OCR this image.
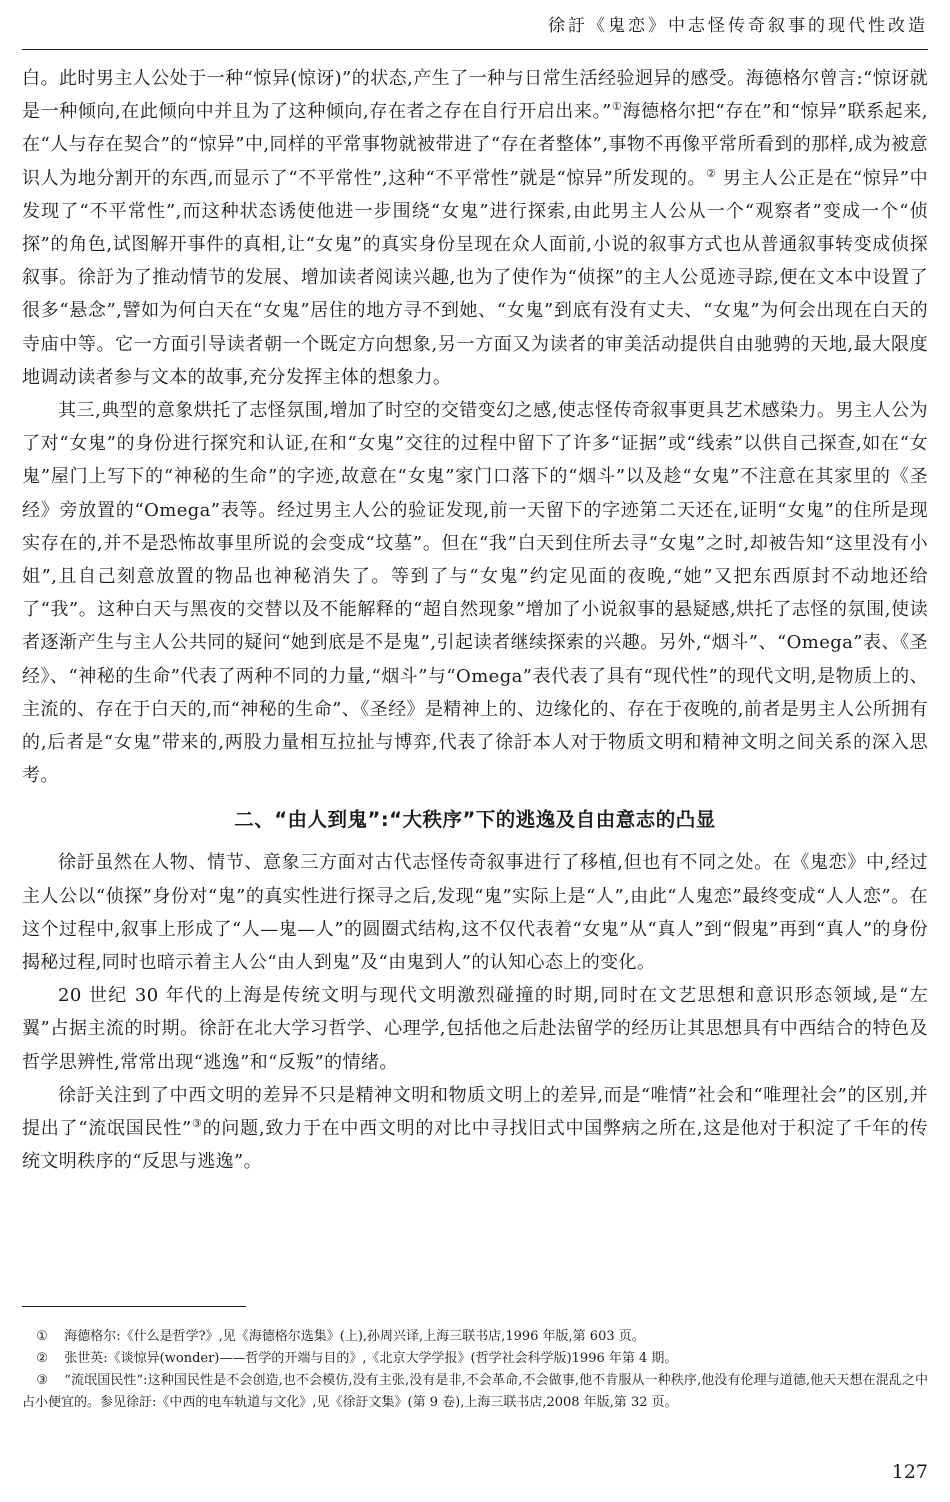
徐訏《鬼恋》中志怪传奇叙事的现代性改造

白。此时男主人公处于一种“惊异(惊讶)”的状态,产生了一种与日常生活经验迥异的感受。海德格尔曾言:“惊讶就是一种倾向,在此倾向中并且为了这种倾向,存在者之存在自行开启出来。”①海德格尔把“存在”和“惊异”联系起来,在“人与存在契合”的“惊异”中,同样的平常事物就被带进了“存在者整体”,事物不再像平常所看到的那样,成为被意识人为地分割开的东西,而显示了“不平常性”,这种“不平常性”就是“惊异”所发现的。② 男主人公正是在“惊异”中发现了“不平常性”,而这种状态诱使他进一步围绕“女鬼”进行探索,由此男主人公从一个“观察者”变成一个“侦探”的角色,试图解开事件的真相,让“女鬼”的真实身份呈现在众人面前,小说的叙事方式也从普通叙事转变成侦探叙事。徐訏为了推动情节的发展、增加读者阅读兴趣,也为了使作为“侦探”的主人公觅迹寻踪,便在文本中设置了很多“悬念”,譬如为何白天在“女鬼”居住的地方寻不到她、“女鬼”到底有没有丈夫、“女鬼”为何会出现在白天的寺庙中等。它一方面引导读者朝一个既定方向想象,另一方面又为读者的审美活动提供自由驰骋的天地,最大限度地调动读者参与文本的故事,充分发挥主体的想象力。

其三,典型的意象烘托了志怪氛围,增加了时空的交错变幻之感,使志怪传奇叙事更具艺术感染力。男主人公为了对“女鬼”的身份进行探究和认证,在和“女鬼”交往的过程中留下了许多“证据”或“线索”以供自己探查,如在“女鬼”屋门上写下的“神秘的生命”的字迹,故意在“女鬼”家门口落下的“烟斗”以及趁“女鬼”不注意在其家里的《圣经》旁放置的“Omega”表等。经过男主人公的验证发现,前一天留下的字迹第二天还在,证明“女鬼”的住所是现实存在的,并不是恐怖故事里所说的会变成“坟墓”。但在“我”白天到住所去寻“女鬼”之时,却被告知“这里没有小姐”,且自己刻意放置的物品也神秘消失了。等到了与“女鬼”约定见面的夜晚,“她”又把东西原封不动地还给了“我”。这种白天与黑夜的交替以及不能解释的“超自然现象”增加了小说叙事的悬疑感,烘托了志怪的氛围,使读者逐渐产生与主人公共同的疑问“她到底是不是鬼”,引起读者继续探索的兴趣。另外,“烟斗”、“Omega”表、《圣经》、“神秘的生命”代表了两种不同的力量,“烟斗”与“Omega”表代表了具有“现代性”的现代文明,是物质上的、主流的、存在于白天的,而“神秘的生命”、《圣经》是精神上的、边缘化的、存在于夜晚的,前者是男主人公所拥有的,后者是“女鬼”带来的,两股力量相互拉扯与博弈,代表了徐訏本人对于物质文明和精神文明之间关系的深入思考。

二、“由人到鬼”:“大秩序”下的逃逸及自由意志的凸显

徐訏虽然在人物、情节、意象三方面对古代志怪传奇叙事进行了移植,但也有不同之处。在《鬼恋》中,经过主人公以“侦探”身份对“鬼”的真实性进行探寻之后,发现“鬼”实际上是“人”,由此“人鬼恋”最终变成“人人恋”。在这个过程中,叙事上形成了“人—鬼—人”的圆圈式结构,这不仅代表着“女鬼”从“真人”到“假鬼”再到“真人”的身份揭秘过程,同时也暗示着主人公“由人到鬼”及“由鬼到人”的认知心态上的变化。

20 世纪 30 年代的上海是传统文明与现代文明激烈碰撞的时期,同时在文艺思想和意识形态领域,是“左翼”占据主流的时期。徐訏在北大学习哲学、心理学,包括他之后赴法留学的经历让其思想具有中西结合的特色及哲学思辨性,常常出现“逃逸”和“反叛”的情绪。

徐訏关注到了中西文明的差异不只是精神文明和物质文明上的差异,而是“唯情”社会和“唯理社会”的区别,并提出了“流氓国民性”③的问题,致力于在中西文明的对比中寻找旧式中国弊病之所在,这是他对于积淀了千年的传统文明秩序的“反思与逃逸”。

① 海德格尔:《什么是哲学?》,见《海德格尔选集》(上),孙周兴译,上海三联书店,1996 年版,第 603 页。

② 张世英:《谈惊异(wonder)——哲学的开端与目的》,《北京大学学报》(哲学社会科学版)1996 年第 4 期。

③ “流氓国民性”:这种国民性是不会创造,也不会模仿,没有主张,没有是非,不会革命,不会做事,他不肯服从一种秩序,他没有伦理与道德,他天天想在混乱之中占小便宜的。参见徐訏:《中西的电车轨道与文化》,见《徐訏文集》(第 9 卷),上海三联书店,2008 年版,第 32 页。

127
